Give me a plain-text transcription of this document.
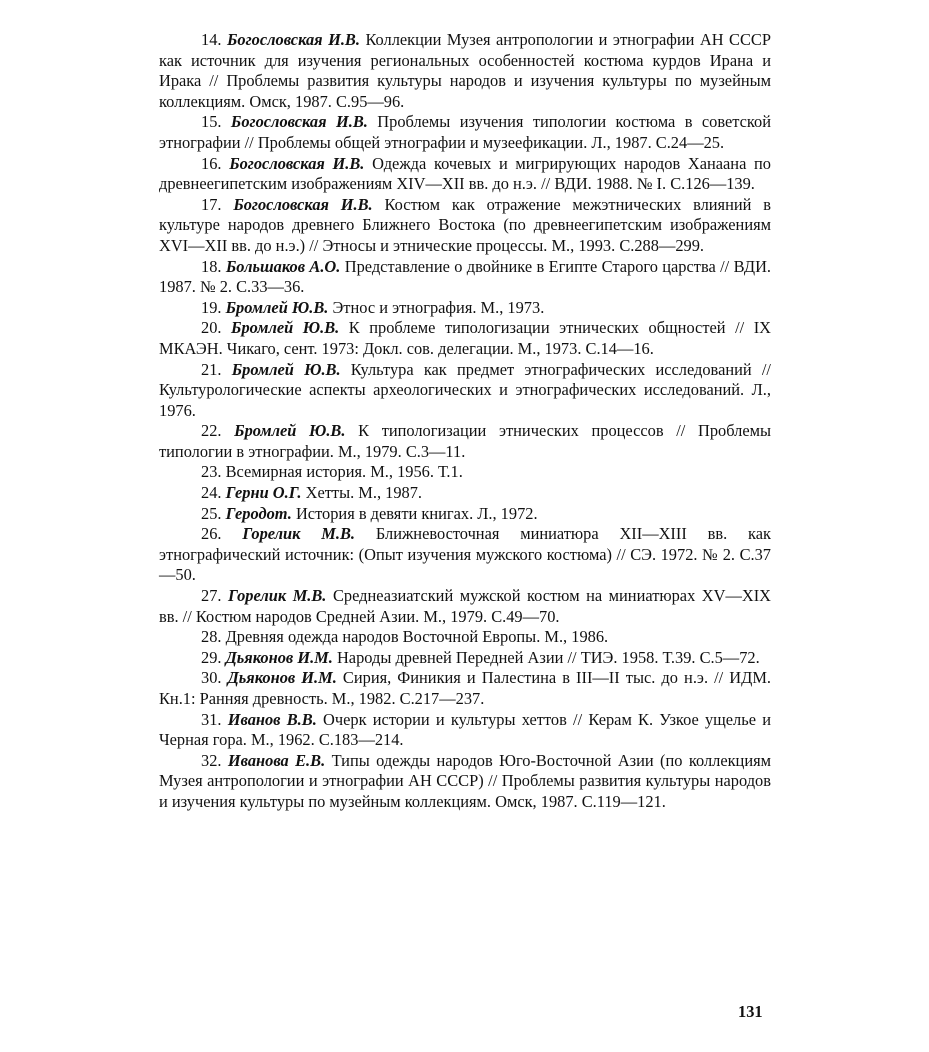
14. Богословская И.В. Коллекции Музея антропологии и этнографии АН СССР как источник для изучения региональных особенностей костюма курдов Ирана и Ирака // Проблемы развития культуры народов и изучения культуры по музейным коллекциям. Омск, 1987. С.95—96.
15. Богословская И.В. Проблемы изучения типологии костюма в советской этнографии // Проблемы общей этнографии и музеефикации. Л., 1987. С.24—25.
16. Богословская И.В. Одежда кочевых и мигрирующих народов Ханаана по древнеегипетским изображениям XIV—XII вв. до н.э. // ВДИ. 1988. № I. С.126—139.
17. Богословская И.В. Костюм как отражение межэтнических влияний в культуре народов древнего Ближнего Востока (по древнеегипетским изображениям XVI—XII вв. до н.э.) // Этносы и этнические процессы. М., 1993. С.288—299.
18. Большаков А.О. Представление о двойнике в Египте Старого царства // ВДИ. 1987. № 2. С.33—36.
19. Бромлей Ю.В. Этнос и этнография. М., 1973.
20. Бромлей Ю.В. К проблеме типологизации этнических общностей // IX МКАЭН. Чикаго, сент. 1973: Докл. сов. делегации. М., 1973. С.14—16.
21. Бромлей Ю.В. Культура как предмет этнографических исследований // Культурологические аспекты археологических и этнографических исследований. Л., 1976.
22. Бромлей Ю.В. К типологизации этнических процессов // Проблемы типологии в этнографии. М., 1979. С.3—11.
23. Всемирная история. М., 1956. Т.1.
24. Герни О.Г. Хетты. М., 1987.
25. Геродот. История в девяти книгах. Л., 1972.
26. Горелик М.В. Ближневосточная миниатюра XII—XIII вв. как этнографический источник: (Опыт изучения мужского костюма) // СЭ. 1972. № 2. С.37—50.
27. Горелик М.В. Среднеазиатский мужской костюм на миниатюрах XV—XIX вв. // Костюм народов Средней Азии. М., 1979. С.49—70.
28. Древняя одежда народов Восточной Европы. М., 1986.
29. Дьяконов И.М. Народы древней Передней Азии // ТИЭ. 1958. Т.39. С.5—72.
30. Дьяконов И.М. Сирия, Финикия и Палестина в III—II тыс. до н.э. // ИДМ. Кн.1: Ранняя древность. М., 1982. С.217—237.
31. Иванов В.В. Очерк истории и культуры хеттов // Керам К. Узкое ущелье и Черная гора. М., 1962. С.183—214.
32. Иванова Е.В. Типы одежды народов Юго-Восточной Азии (по коллекциям Музея антропологии и этнографии АН СССР) // Проблемы развития культуры народов и изучения культуры по музейным коллекциям. Омск, 1987. С.119—121.
131
